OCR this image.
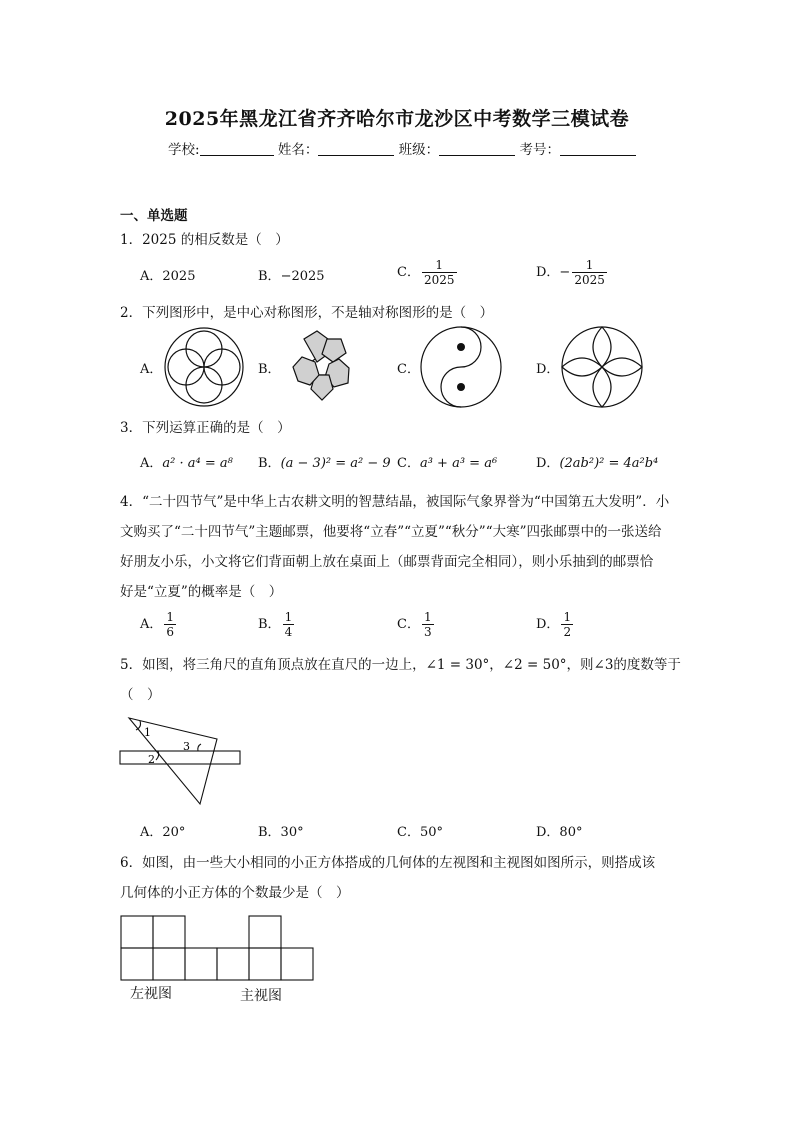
2025年黑龙江省齐齐哈尔市龙沙区中考数学三模试卷
学校:	姓名：	班级：	考号：
一、单选题
1．2025 的相反数是（　）
A．2025	B．−2025	C． $\frac{1}{2025}$	D．− $\frac{1}{2025}$
2．下列图形中，是中心对称图形，不是轴对称图形的是（　）
A．	B．	C．	D．
3．下列运算正确的是（　）
A．a² · a⁴ = a⁸ B．(a − 3)² = a² − 9 C．a³ + a³ = a⁶	D．(2ab²)² = 4a²b⁴
4．“二十四节气”是中华上古农耕文明的智慧结晶，被国际气象界誉为“中国第五大发明”．小
文购买了“二十四节气”主题邮票，他要将“立春”“立夏”“秋分”“大寒”四张邮票中的一张送给
好朋友小乐，小文将它们背面朝上放在桌面上（邮票背面完全相同），则小乐抽到的邮票恰
好是“立夏”的概率是（　）
A． $\frac{1}{6}$	B． $\frac{1}{4}$	C． $\frac{1}{3}$	D． $\frac{1}{2}$
5．如图，将三角尺的直角顶点放在直尺的一边上，∠1 = 30°，∠2 = 50°，则∠3的度数等于
（　）
1
2
3
A．20°	B．30°	C．50°	D．80°
6．如图，由一些大小相同的小正方体搭成的几何体的左视图和主视图如图所示，则搭成该
几何体的小正方体的个数最少是（　）
左视图	主视图
